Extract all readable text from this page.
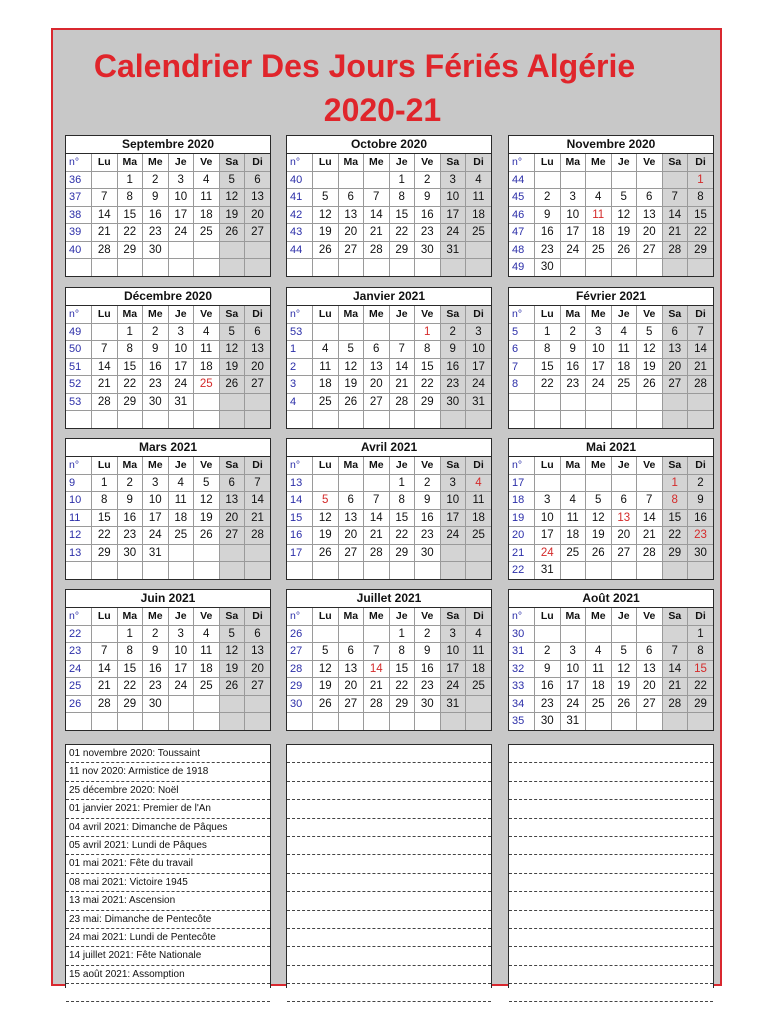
Calendrier Des Jours Fériés Algérie
2020-21
Septembre 2020
n°	Lu	Ma	Me	Je	Ve	Sa	Di
36		1	2	3	4	5	6
37	7	8	9	10	11	12	13
38	14	15	16	17	18	19	20
39	21	22	23	24	25	26	27
40	28	29	30				

Octobre 2020
n°	Lu	Ma	Me	Je	Ve	Sa	Di
40				1	2	3	4
41	5	6	7	8	9	10	11
42	12	13	14	15	16	17	18
43	19	20	21	22	23	24	25
44	26	27	28	29	30	31	

Novembre 2020
n°	Lu	Ma	Me	Je	Ve	Sa	Di
44							1
45	2	3	4	5	6	7	8
46	9	10	11	12	13	14	15
47	16	17	18	19	20	21	22
48	23	24	25	26	27	28	29
49	30						
Décembre 2020
n°	Lu	Ma	Me	Je	Ve	Sa	Di
49		1	2	3	4	5	6
50	7	8	9	10	11	12	13
51	14	15	16	17	18	19	20
52	21	22	23	24	25	26	27
53	28	29	30	31			

Janvier 2021
n°	Lu	Ma	Me	Je	Ve	Sa	Di
53					1	2	3
1	4	5	6	7	8	9	10
2	11	12	13	14	15	16	17
3	18	19	20	21	22	23	24
4	25	26	27	28	29	30	31

Février 2021
n°	Lu	Ma	Me	Je	Ve	Sa	Di
5	1	2	3	4	5	6	7
6	8	9	10	11	12	13	14
7	15	16	17	18	19	20	21
8	22	23	24	25	26	27	28

Mars 2021
n°	Lu	Ma	Me	Je	Ve	Sa	Di
9	1	2	3	4	5	6	7
10	8	9	10	11	12	13	14
11	15	16	17	18	19	20	21
12	22	23	24	25	26	27	28
13	29	30	31				

Avril 2021
n°	Lu	Ma	Me	Je	Ve	Sa	Di
13				1	2	3	4
14	5	6	7	8	9	10	11
15	12	13	14	15	16	17	18
16	19	20	21	22	23	24	25
17	26	27	28	29	30		

Mai 2021
n°	Lu	Ma	Me	Je	Ve	Sa	Di
17						1	2
18	3	4	5	6	7	8	9
19	10	11	12	13	14	15	16
20	17	18	19	20	21	22	23
21	24	25	26	27	28	29	30
22	31						
Juin 2021
n°	Lu	Ma	Me	Je	Ve	Sa	Di
22		1	2	3	4	5	6
23	7	8	9	10	11	12	13
24	14	15	16	17	18	19	20
25	21	22	23	24	25	26	27
26	28	29	30				

Juillet 2021
n°	Lu	Ma	Me	Je	Ve	Sa	Di
26				1	2	3	4
27	5	6	7	8	9	10	11
28	12	13	14	15	16	17	18
29	19	20	21	22	23	24	25
30	26	27	28	29	30	31	

Août 2021
n°	Lu	Ma	Me	Je	Ve	Sa	Di
30							1
31	2	3	4	5	6	7	8
32	9	10	11	12	13	14	15
33	16	17	18	19	20	21	22
34	23	24	25	26	27	28	29
35	30	31					
01 novembre 2020: Toussaint
11 nov 2020: Armistice de 1918
25 décembre 2020: Noël
01 janvier 2021: Premier de l'An
04 avril 2021: Dimanche de Pâques
05 avril 2021: Lundi de Pâques
01 mai 2021: Fête du travail
08 mai 2021: Victoire 1945
13 mai 2021: Ascension
23 mai: Dimanche de Pentecôte
24 mai 2021: Lundi de Pentecôte
14 juillet 2021: Fête Nationale
15 août 2021: Assomption
